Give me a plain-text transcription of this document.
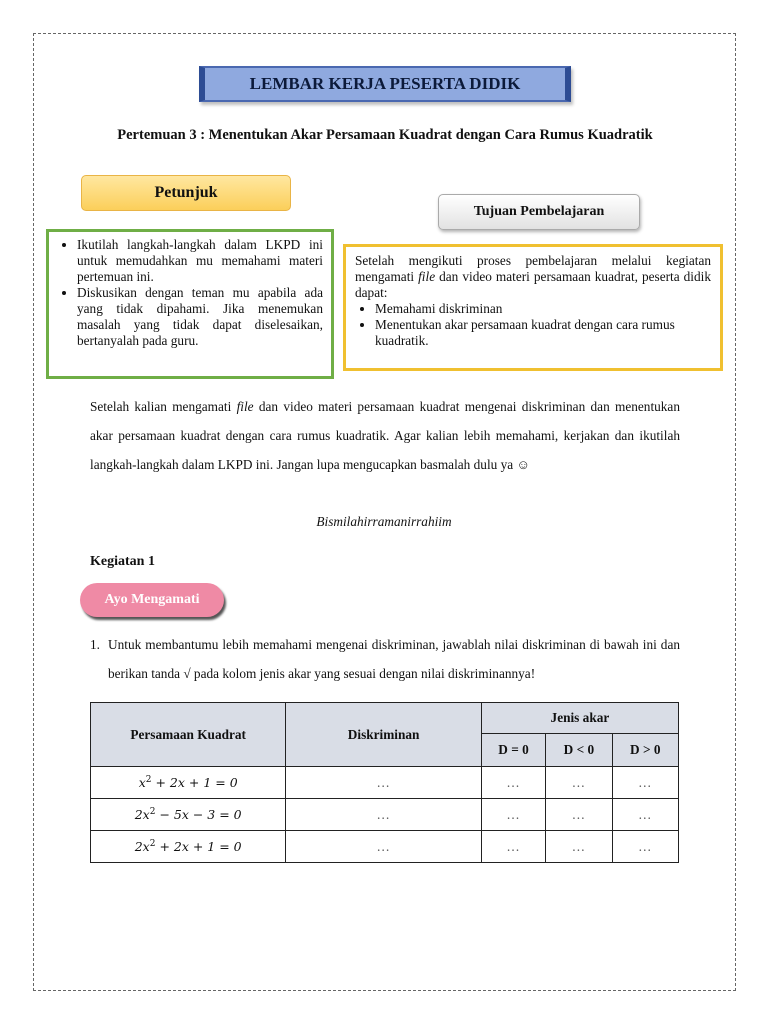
LEMBAR KERJA PESERTA DIDIK
Pertemuan 3 : Menentukan Akar Persamaan Kuadrat dengan Cara Rumus Kuadratik
Petunjuk
Tujuan Pembelajaran
• Ikutilah langkah-langkah dalam LKPD ini untuk memudahkan mu memahami materi pertemuan ini.
• Diskusikan dengan teman mu apabila ada yang tidak dipahami. Jika menemukan masalah yang tidak dapat diselesaikan, bertanyalah pada guru.

Setelah mengikuti proses pembelajaran melalui kegiatan mengamati file dan video materi persamaan kuadrat, peserta didik dapat:

• Memahami diskriminan
• Menentukan akar persamaan kuadrat dengan cara rumus kuadratik.
Setelah kalian mengamati file dan video materi persamaan kuadrat mengenai diskriminan dan menentukan akar persamaan kuadrat dengan cara rumus kuadratik. Agar kalian lebih memahami, kerjakan dan ikutilah langkah-langkah dalam LKPD ini. Jangan lupa mengucapkan basmalah dulu ya ☺
Bismilahirramanirrahiim
Kegiatan 1
Ayo Mengamati
1. Untuk membantumu lebih memahami mengenai diskriminan, jawablah nilai diskriminan di bawah ini dan berikan tanda √ pada kolom jenis akar yang sesuai dengan nilai diskriminannya!
Persamaan Kuadrat	Diskriminan	Jenis akar		
		D = 0	D < 0	D > 0
$x^2 + 2x + 1 = 0$	…	…	…	…
$2x^2 - 5x - 3 = 0$	…	…	…	…
$2x^2 + 2x + 1 = 0$	…	…	…	…
